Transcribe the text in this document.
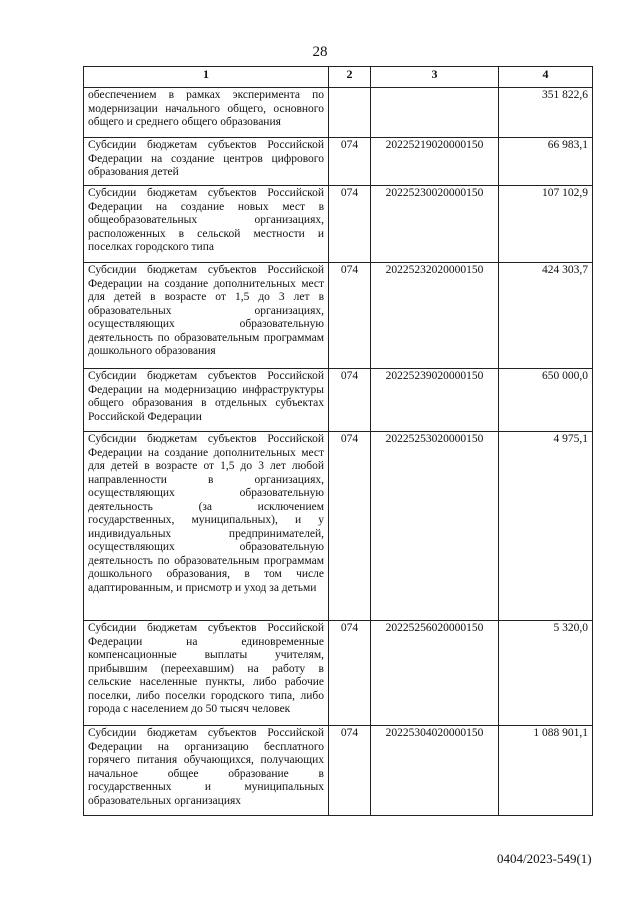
28
1	2	3	4
обеспечением в рамках эксперимента по модернизации начального общего, основного общего и среднего общего образования			351 822,6
Субсидии бюджетам субъектов Российской Федерации на создание центров цифрового образования детей	074	20225219020000150	66 983,1
Субсидии бюджетам субъектов Российской Федерации на создание новых мест в общеобразовательных организациях, расположенных в сельской местности и поселках городского типа	074	20225230020000150	107 102,9
Субсидии бюджетам субъектов Российской Федерации на создание дополнительных мест для детей в возрасте от 1,5 до 3 лет в образовательных организациях, осуществляющих образовательную деятельность по образовательным программам дошкольного образования	074	20225232020000150	424 303,7
Субсидии бюджетам субъектов Российской Федерации на модернизацию инфраструктуры общего образования в отдельных субъектах Российской Федерации	074	20225239020000150	650 000,0
Субсидии бюджетам субъектов Российской Федерации на создание дополнительных мест для детей в возрасте от 1,5 до 3 лет любой направленности в организациях, осуществляющих образовательную деятельность (за исключением государственных, муниципальных), и у индивидуальных предпринимателей, осуществляющих образовательную деятельность по образовательным программам дошкольного образования, в том числе адаптированным, и присмотр и уход за детьми	074	20225253020000150	4 975,1
Субсидии бюджетам субъектов Российской Федерации на единовременные компенсационные выплаты учителям, прибывшим (переехавшим) на работу в сельские населенные пункты, либо рабочие поселки, либо поселки городского типа, либо города с населением до 50 тысяч человек	074	20225256020000150	5 320,0
Субсидии бюджетам субъектов Российской Федерации на организацию бесплатного горячего питания обучающихся, получающих начальное общее образование в государственных и муниципальных образовательных организациях	074	20225304020000150	1 088 901,1
0404/2023-549(1)
